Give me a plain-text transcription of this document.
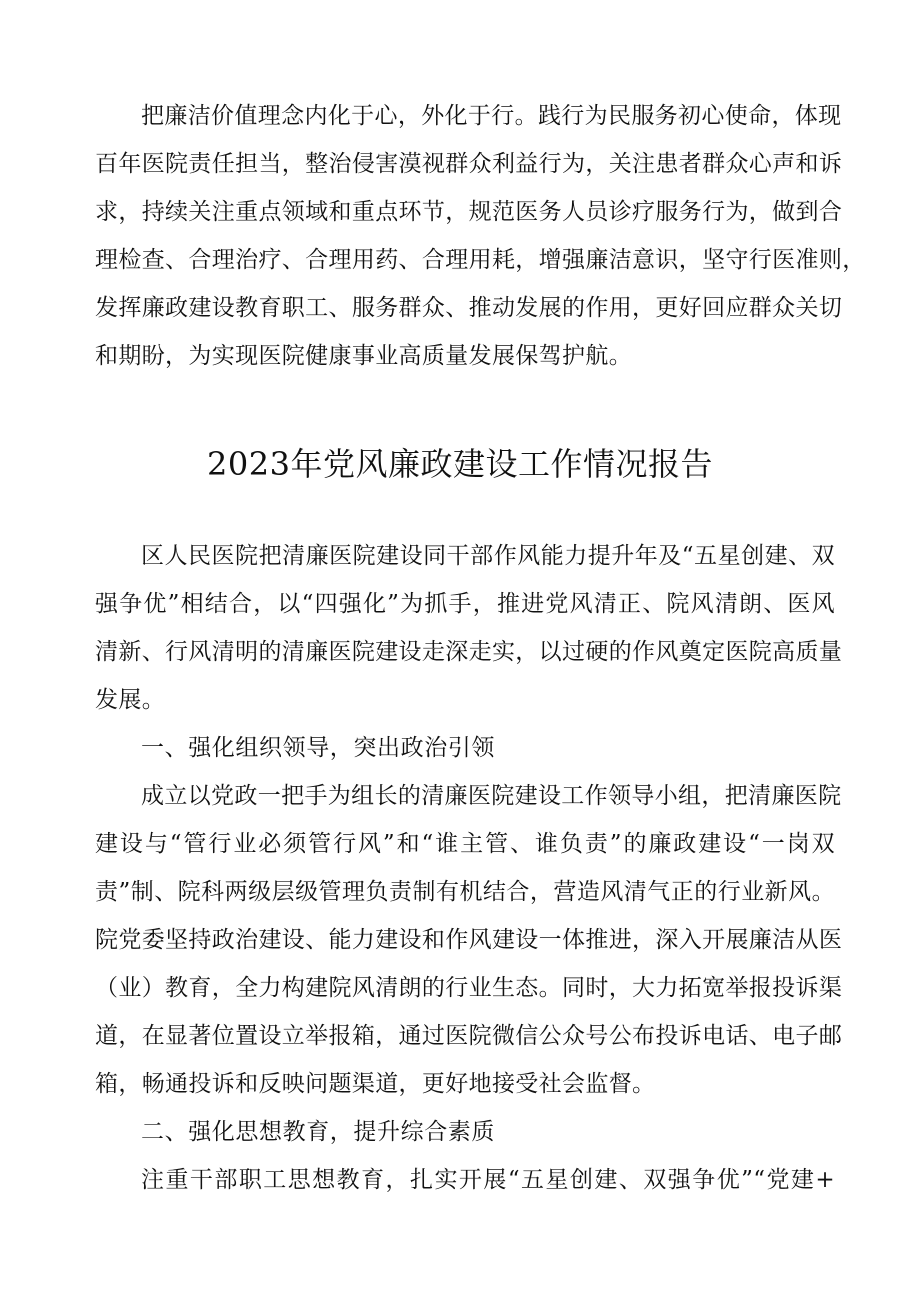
把廉洁价值理念内化于心，外化于行。践行为民服务初心使命，体现
百年医院责任担当，整治侵害漠视群众利益行为，关注患者群众心声和诉
求，持续关注重点领域和重点环节，规范医务人员诊疗服务行为，做到合
理检查、合理治疗、合理用药、合理用耗，增强廉洁意识，坚守行医准则，
发挥廉政建设教育职工、服务群众、推动发展的作用，更好回应群众关切
和期盼，为实现医院健康事业高质量发展保驾护航。
2023年党风廉政建设工作情况报告
区人民医院把清廉医院建设同干部作风能力提升年及“五星创建、双
强争优”相结合，以“四强化”为抓手，推进党风清正、院风清朗、医风
清新、行风清明的清廉医院建设走深走实，以过硬的作风奠定医院高质量
发展。
一、强化组织领导，突出政治引领
成立以党政一把手为组长的清廉医院建设工作领导小组，把清廉医院
建设与“管行业必须管行风”和“谁主管、谁负责”的廉政建设“一岗双
责”制、院科两级层级管理负责制有机结合，营造风清气正的行业新风。
院党委坚持政治建设、能力建设和作风建设一体推进，深入开展廉洁从医
（业）教育，全力构建院风清朗的行业生态。同时，大力拓宽举报投诉渠
道，在显著位置设立举报箱，通过医院微信公众号公布投诉电话、电子邮
箱，畅通投诉和反映问题渠道，更好地接受社会监督。
二、强化思想教育，提升综合素质
注重干部职工思想教育，扎实开展“五星创建、双强争优”“党建+
